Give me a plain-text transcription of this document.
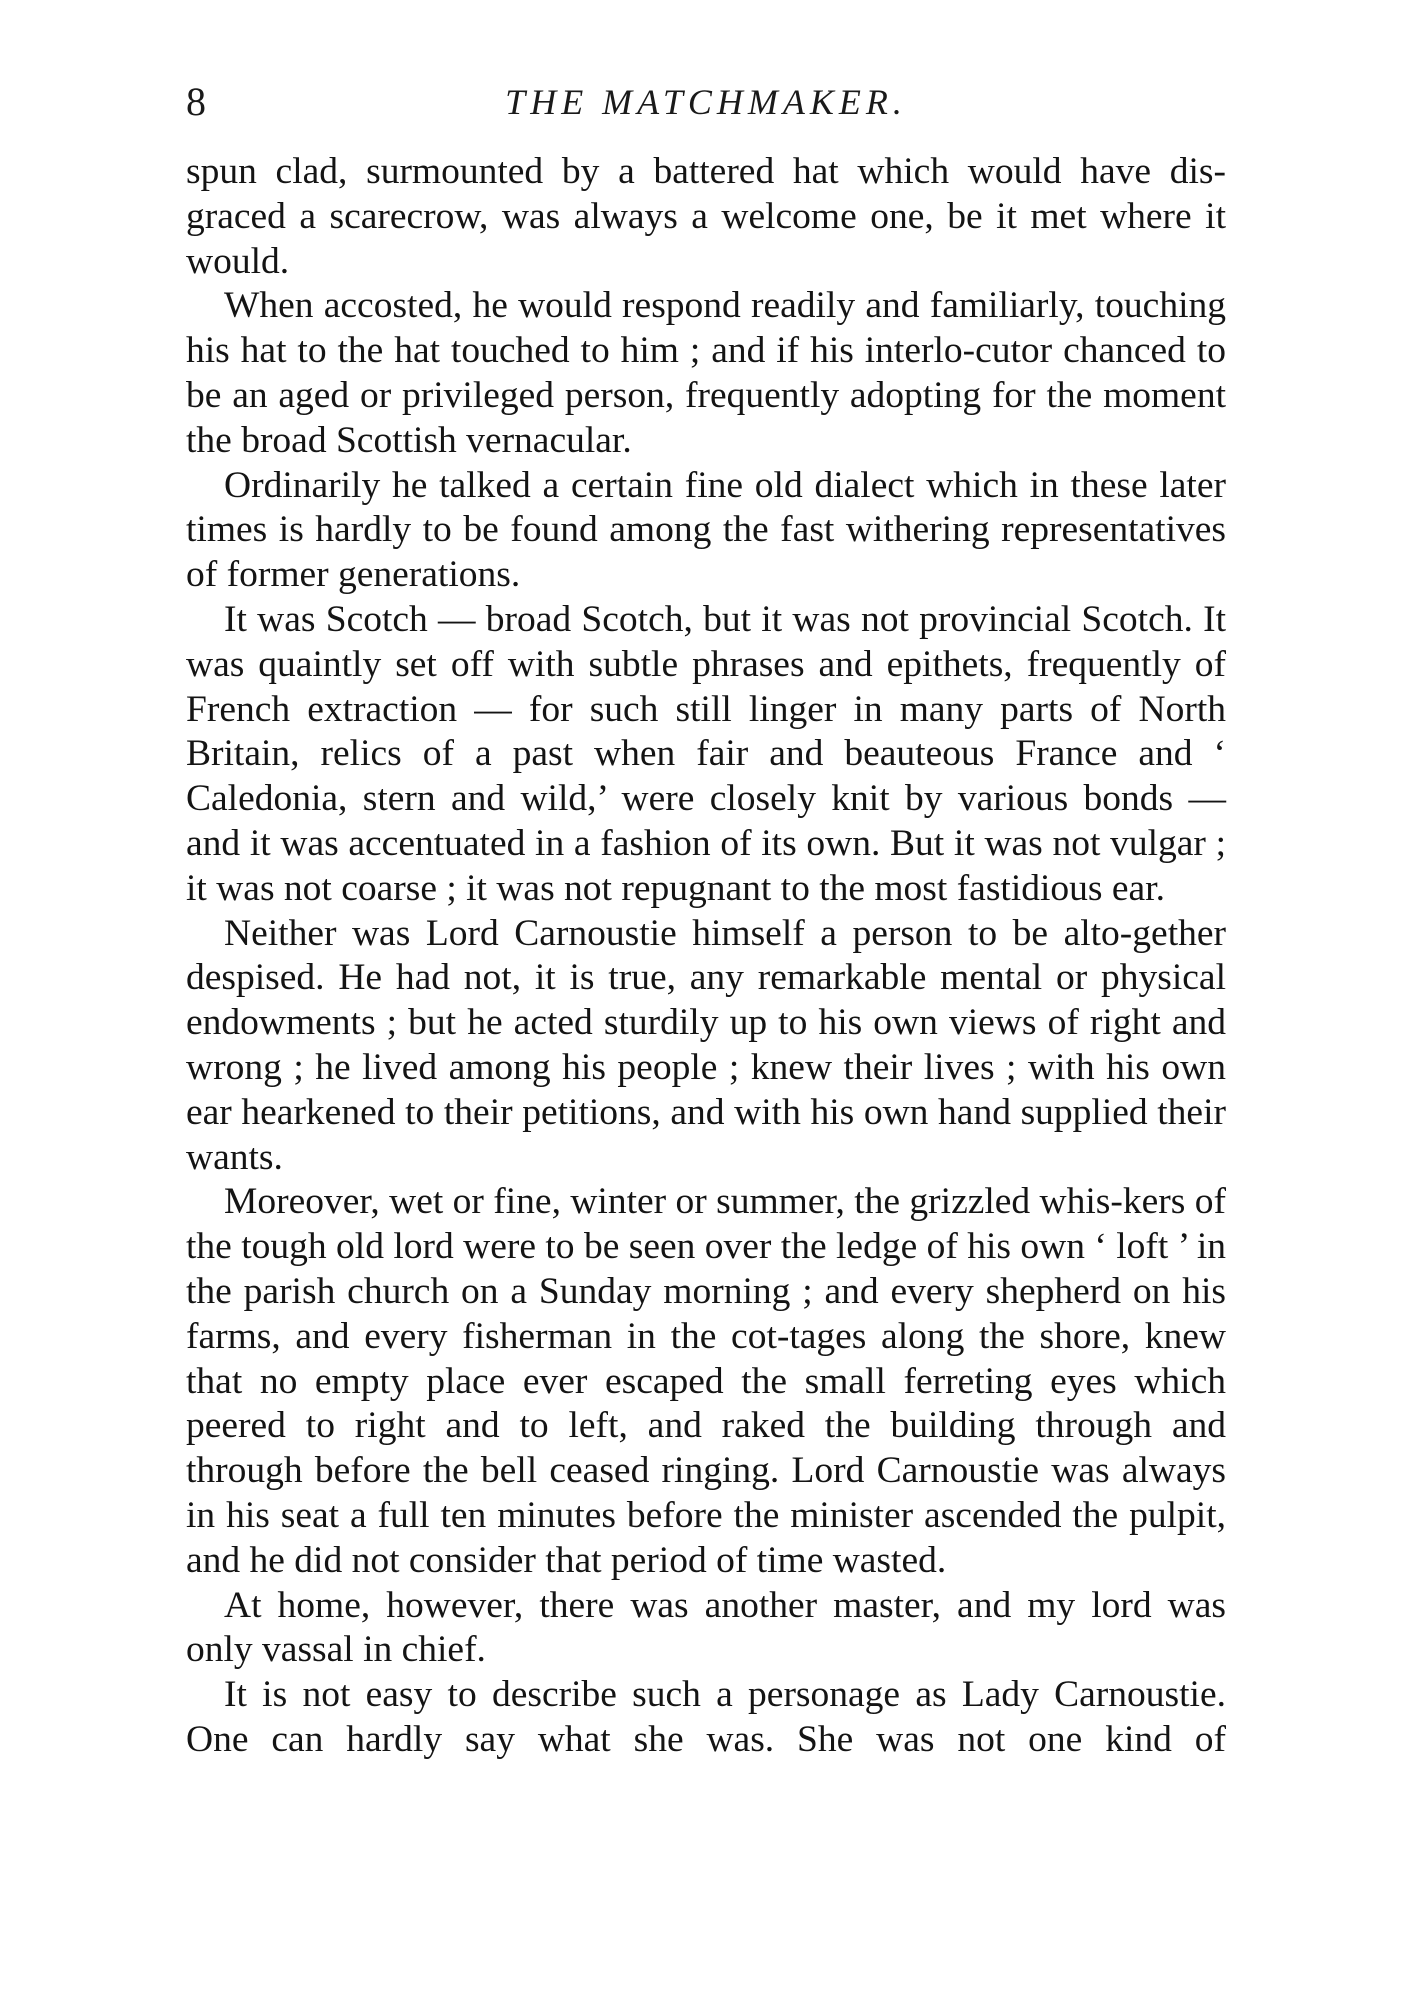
8	THE MATCHMAKER.

spun clad, surmounted by a battered hat which would have dis-graced a scarecrow, was always a welcome one, be it met where it would.

When accosted, he would respond readily and familiarly, touching his hat to the hat touched to him ; and if his interlo-cutor chanced to be an aged or privileged person, frequently adopting for the moment the broad Scottish vernacular.

Ordinarily he talked a certain fine old dialect which in these later times is hardly to be found among the fast withering representatives of former generations.

It was Scotch — broad Scotch, but it was not provincial Scotch. It was quaintly set off with subtle phrases and epithets, frequently of French extraction — for such still linger in many parts of North Britain, relics of a past when fair and beauteous France and ‘ Caledonia, stern and wild,’ were closely knit by various bonds — and it was accentuated in a fashion of its own. But it was not vulgar ; it was not coarse ; it was not repugnant to the most fastidious ear.

Neither was Lord Carnoustie himself a person to be alto-gether despised. He had not, it is true, any remarkable mental or physical endowments ; but he acted sturdily up to his own views of right and wrong ; he lived among his people ; knew their lives ; with his own ear hearkened to their petitions, and with his own hand supplied their wants.

Moreover, wet or fine, winter or summer, the grizzled whis-kers of the tough old lord were to be seen over the ledge of his own ‘ loft ’ in the parish church on a Sunday morning ; and every shepherd on his farms, and every fisherman in the cot-tages along the shore, knew that no empty place ever escaped the small ferreting eyes which peered to right and to left, and raked the building through and through before the bell ceased ringing. Lord Carnoustie was always in his seat a full ten minutes before the minister ascended the pulpit, and he did not consider that period of time wasted.

At home, however, there was another master, and my lord was only vassal in chief.

It is not easy to describe such a personage as Lady Carnoustie. One can hardly say what she was. She was not one kind of
